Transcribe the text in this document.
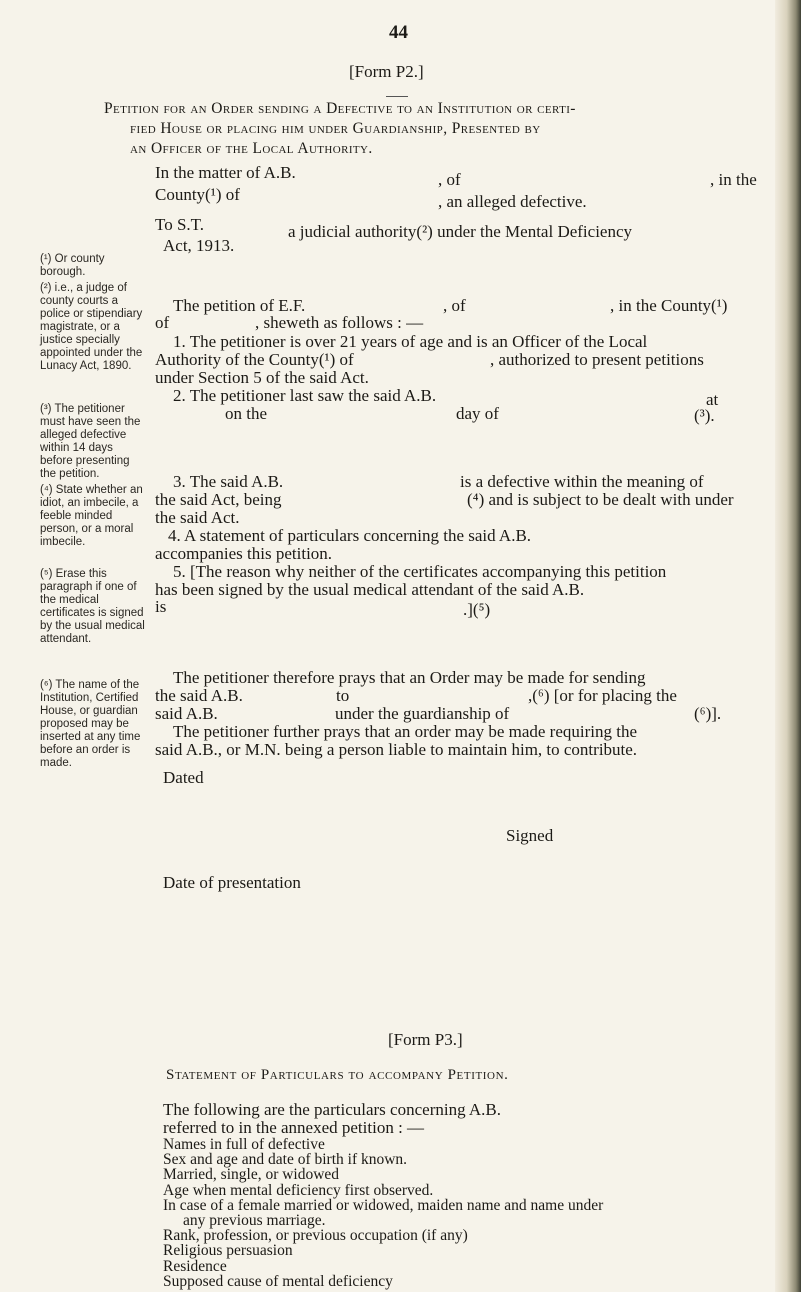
44
[Form P2.]
Petition for an Order sending a Defective to an Institution or certi-
fied House or placing him under Guardianship, Presented by
an Officer of the Local Authority.
In the matter of A.B.	, of	, in the
County(¹) of	, an alleged defective.
To S.T.	a judicial authority(²) under the Mental Deficiency
Act, 1913.
The petition of E.F.	, of	, in the County(¹)
of	, sheweth as follows : —
1. The petitioner is over 21 years of age and is an Officer of the Local
Authority of the County(¹) of	, authorized to present petitions
under Section 5 of the said Act.
2. The petitioner last saw the said A.B.	at
on the	day of	(³).
3. The said A.B.	is a defective within the meaning of
the said Act, being	(⁴) and is subject to be dealt with under
the said Act.
4. A statement of particulars concerning the said A.B.
accompanies this petition.
5. [The reason why neither of the certificates accompanying this petition
has been signed by the usual medical attendant of the said A.B.
is	.](⁵)
The petitioner therefore prays that an Order may be made for sending
the said A.B.	to	,(⁶) [or for placing the
said A.B.	under the guardianship of	(⁶)].
The petitioner further prays that an order may be made requiring the
said A.B., or M.N. being a person liable to maintain him, to contribute.
Dated
Signed
Date of presentation
(¹) Or county borough.
(²) i.e., a judge of county courts a police or stipendiary magistrate, or a justice specially appointed under the Lunacy Act, 1890.
(³) The petitioner must have seen the alleged defective within 14 days before presenting the petition.
(⁴) State whether an idiot, an imbecile, a feeble minded person, or a moral imbecile.
(⁵) Erase this paragraph if one of the medical certificates is signed by the usual medical attendant.
(⁶) The name of the Institution, Certified House, or guardian proposed may be inserted at any time before an order is made.
[Form P3.]
Statement of Particulars to accompany Petition.
The following are the particulars concerning A.B.
referred to in the annexed petition : —
Names in full of defective
Sex and age and date of birth if known.
Married, single, or widowed
Age when mental deficiency first observed.
In case of a female married or widowed, maiden name and name under
any previous marriage.
Rank, profession, or previous occupation (if any)
Religious persuasion
Residence
Supposed cause of mental deficiency
